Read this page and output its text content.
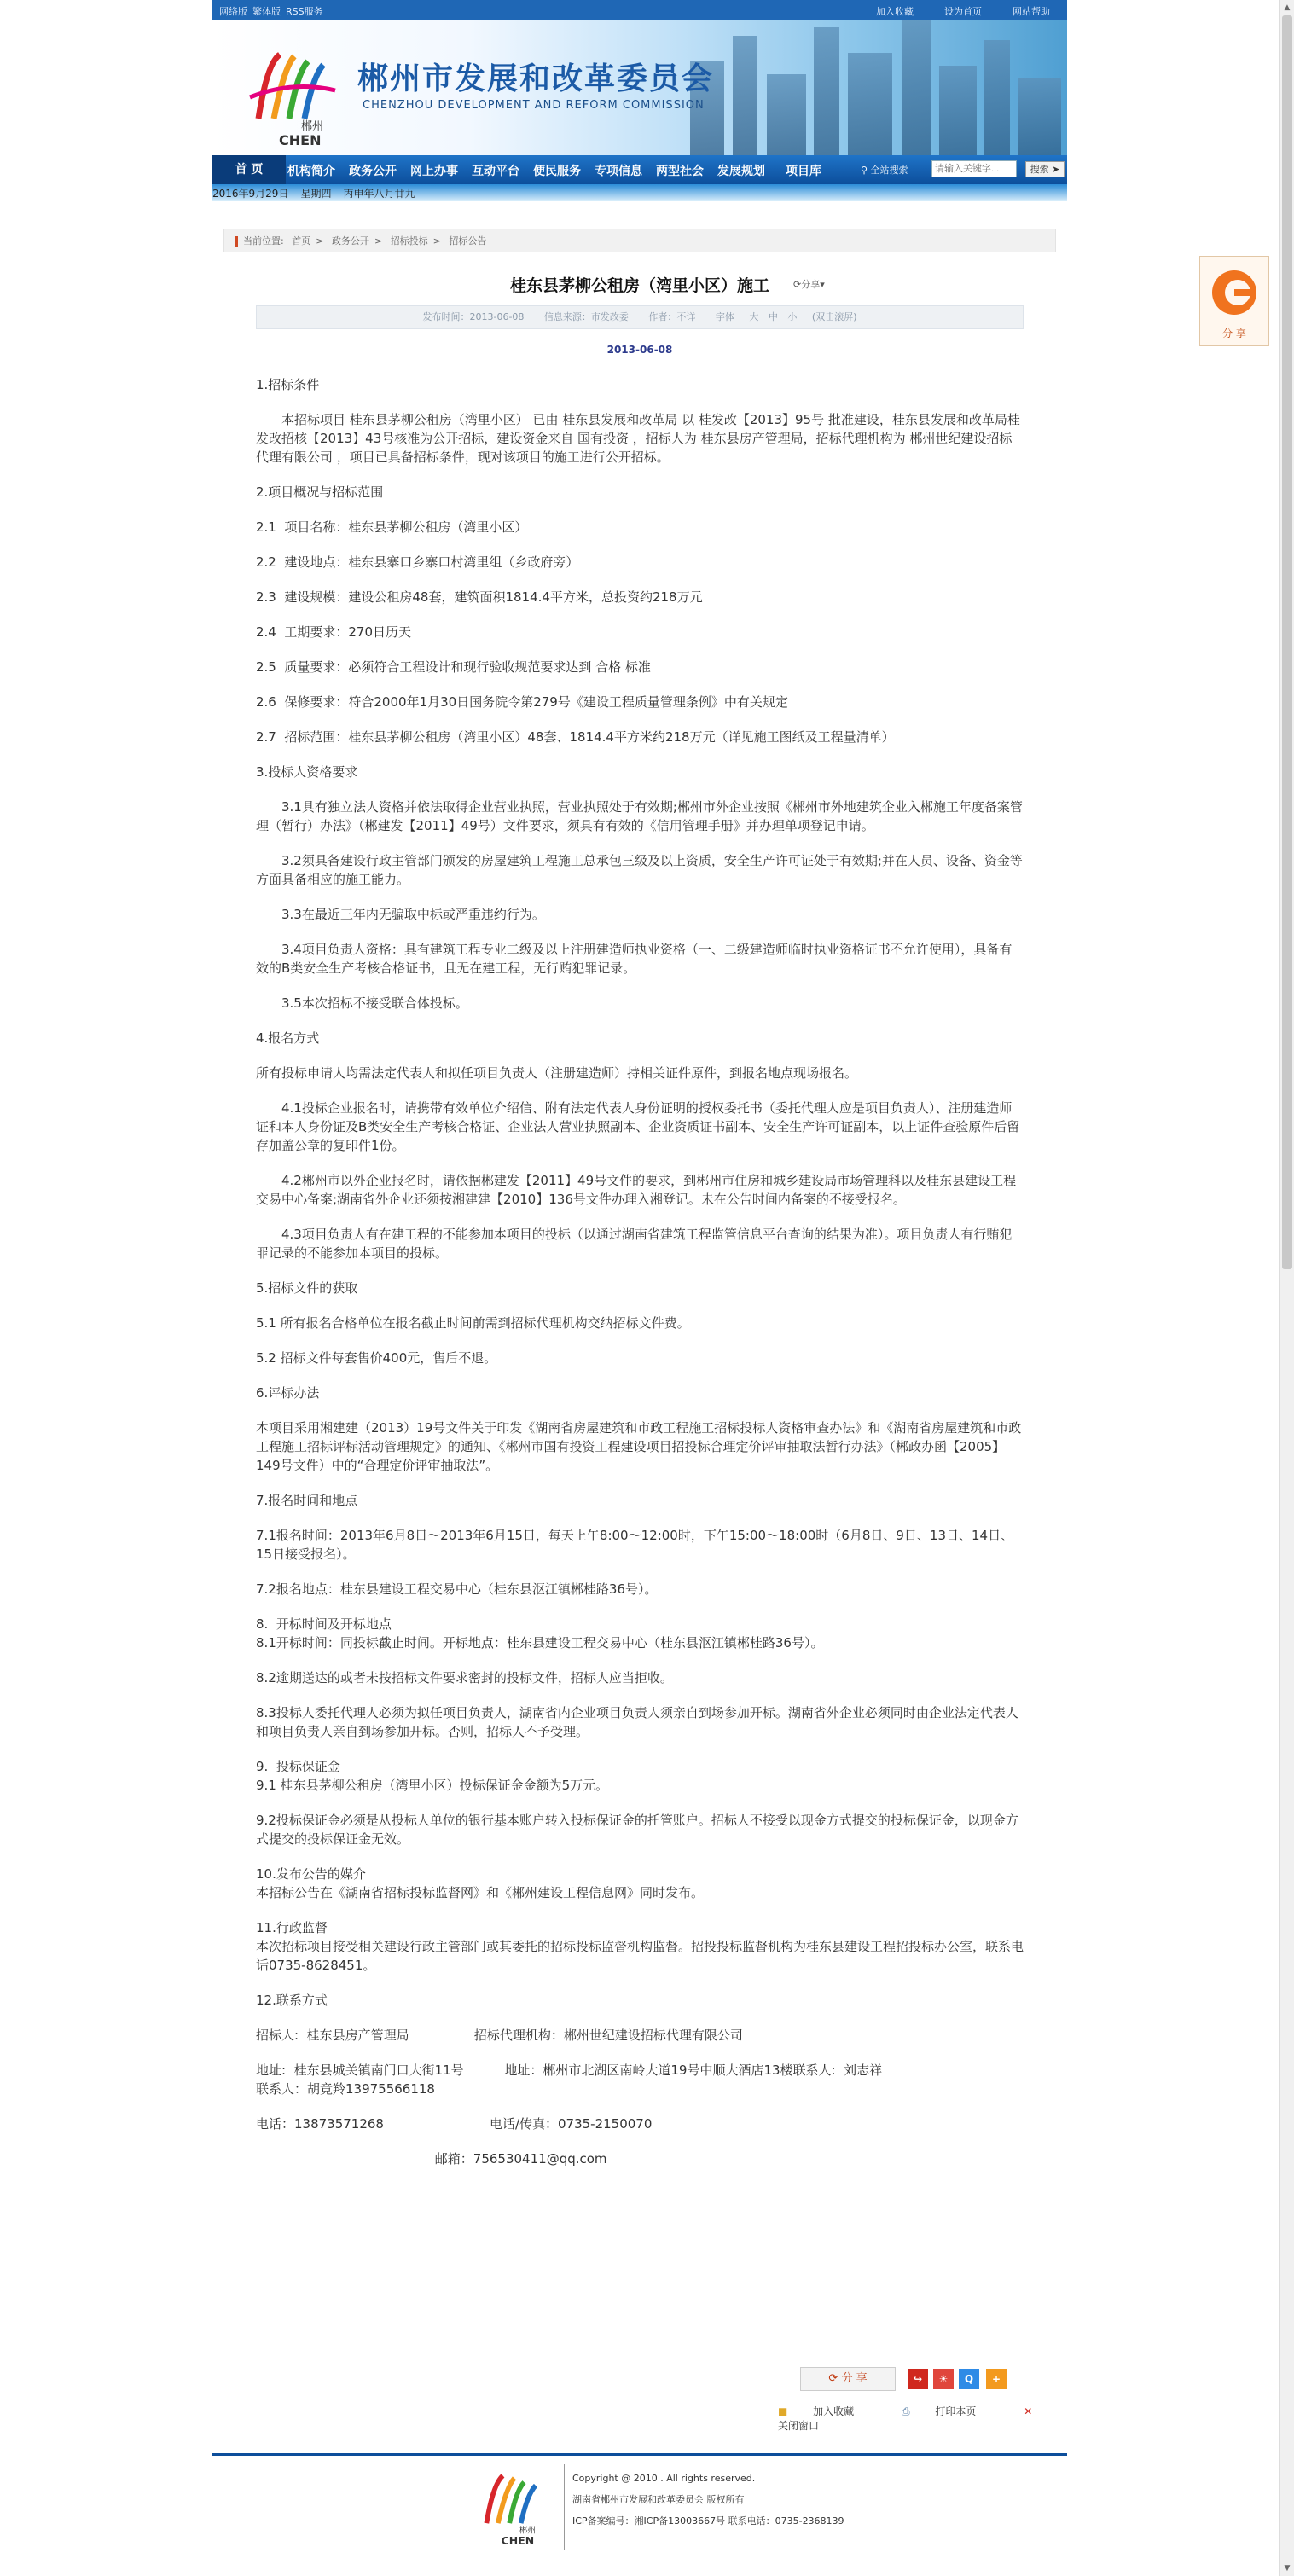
网络版 繁体版 RSS服务	加入收藏	设为首页	网站帮助
郴州
CHEN
郴州市发展和改革委员会
CHENZHOU DEVELOPMENT AND REFORM COMMISSION
首 页	机构简介 政务公开 网上办事 互动平台 便民服务 专项信息 两型社会 发展规划 项目库	⚲ 全站搜索
请输入关键字...	搜索 ➤
2016年9月29日 星期四 丙申年八月廿九
当前位置: 首页 > 政务公开 > 招标投标 > 招标公告
桂东县茅柳公租房（湾里小区）施工	⟳分享▾
发布时间：2013-06-08 信息来源：市发改委 作者：不详 字体 大 中 小 (双击滚屏)
2013-06-08

1.招标条件

本招标项目 桂东县茅柳公租房（湾里小区） 已由 桂东县发展和改革局 以 桂发改【2013】95号 批准建设，桂东县发展和改革局桂发改招核【2013】43号核准为公开招标，建设资金来自 国有投资 ，招标人为 桂东县房产管理局，招标代理机构为 郴州世纪建设招标代理有限公司 ，项目已具备招标条件，现对该项目的施工进行公开招标。

2.项目概况与招标范围

2.1  项目名称：桂东县茅柳公租房（湾里小区）

2.2  建设地点：桂东县寨口乡寨口村湾里组（乡政府旁）

2.3  建设规模：建设公租房48套，建筑面积1814.4平方米，总投资约218万元

2.4  工期要求：270日历天

2.5  质量要求：必须符合工程设计和现行验收规范要求达到 合格 标准

2.6  保修要求：符合2000年1月30日国务院令第279号《建设工程质量管理条例》中有关规定

2.7  招标范围：桂东县茅柳公租房（湾里小区）48套、1814.4平方米约218万元（详见施工图纸及工程量清单）

3.投标人资格要求

3.1具有独立法人资格并依法取得企业营业执照，营业执照处于有效期;郴州市外企业按照《郴州市外地建筑企业入郴施工年度备案管理（暂行）办法》（郴建发【2011】49号）文件要求，须具有有效的《信用管理手册》并办理单项登记申请。

3.2须具备建设行政主管部门颁发的房屋建筑工程施工总承包三级及以上资质，安全生产许可证处于有效期;并在人员、设备、资金等方面具备相应的施工能力。

3.3在最近三年内无骗取中标或严重违约行为。

3.4项目负责人资格：具有建筑工程专业二级及以上注册建造师执业资格（一、二级建造师临时执业资格证书不允许使用），具备有效的B类安全生产考核合格证书，且无在建工程，无行贿犯罪记录。

3.5本次招标不接受联合体投标。

4.报名方式

所有投标申请人均需法定代表人和拟任项目负责人（注册建造师）持相关证件原件，到报名地点现场报名。

4.1投标企业报名时，请携带有效单位介绍信、附有法定代表人身份证明的授权委托书（委托代理人应是项目负责人）、注册建造师证和本人身份证及B类安全生产考核合格证、企业法人营业执照副本、企业资质证书副本、安全生产许可证副本，以上证件查验原件后留存加盖公章的复印件1份。

4.2郴州市以外企业报名时，请依据郴建发【2011】49号文件的要求，到郴州市住房和城乡建设局市场管理科以及桂东县建设工程交易中心备案;湖南省外企业还须按湘建建【2010】136号文件办理入湘登记。未在公告时间内备案的不接受报名。

4.3项目负责人有在建工程的不能参加本项目的投标（以通过湖南省建筑工程监管信息平台查询的结果为准）。项目负责人有行贿犯罪记录的不能参加本项目的投标。

5.招标文件的获取

5.1 所有报名合格单位在报名截止时间前需到招标代理机构交纳招标文件费。

5.2 招标文件每套售价400元，售后不退。

6.评标办法

本项目采用湘建建（2013）19号文件关于印发《湖南省房屋建筑和市政工程施工招标投标人资格审查办法》和《湖南省房屋建筑和市政工程施工招标评标活动管理规定》的通知、《郴州市国有投资工程建设项目招投标合理定价评审抽取法暂行办法》（郴政办函【2005】149号文件）中的“合理定价评审抽取法”。

7.报名时间和地点

7.1报名时间：2013年6月8日～2013年6月15日，每天上午8:00～12:00时，下午15:00～18:00时（6月8日、9日、13日、14日、15日接受报名）。

7.2报名地点：桂东县建设工程交易中心（桂东县沤江镇郴桂路36号）。

8.  开标时间及开标地点
8.1开标时间：同投标截止时间。开标地点：桂东县建设工程交易中心（桂东县沤江镇郴桂路36号）。

8.2逾期送达的或者未按招标文件要求密封的投标文件，招标人应当拒收。

8.3投标人委托代理人必须为拟任项目负责人，湖南省内企业项目负责人须亲自到场参加开标。湖南省外企业必须同时由企业法定代表人和项目负责人亲自到场参加开标。否则，招标人不予受理。

9.  投标保证金
9.1 桂东县茅柳公租房（湾里小区）投标保证金金额为5万元。

9.2投标保证金必须是从投标人单位的银行基本账户转入投标保证金的托管账户。招标人不接受以现金方式提交的投标保证金，以现金方式提交的投标保证金无效。

10.发布公告的媒介
本招标公告在《湖南省招标投标监督网》和《郴州建设工程信息网》同时发布。

11.行政监督
本次招标项目接受相关建设行政主管部门或其委托的招标投标监督机构监督。招投投标监督机构为桂东县建设工程招投标办公室，联系电话0735-8628451。

12.联系方式

招标人:  桂东县房产管理局                招标代理机构：郴州世纪建设招标代理有限公司

地址:  桂东县城关镇南门口大街11号          地址：郴州市北湖区南岭大道19号中顺大酒店13楼联系人:  刘志祥                                  联系人：胡竞羚13975566118

电话：13873571268                          电话/传真：0735-2150070

邮箱：756530411@qq.com

⟳ 分 享	↪	☀	Q	+
■ 加入收藏	⎙ 打印本页	✕ 关闭窗口
分 享
郴州
CHEN
Copyright @ 2010 . All rights reserved.
湖南省郴州市发展和改革委员会 版权所有
ICP备案编号：湘ICP备13003667号 联系电话：0735-2368139
▲
▼
